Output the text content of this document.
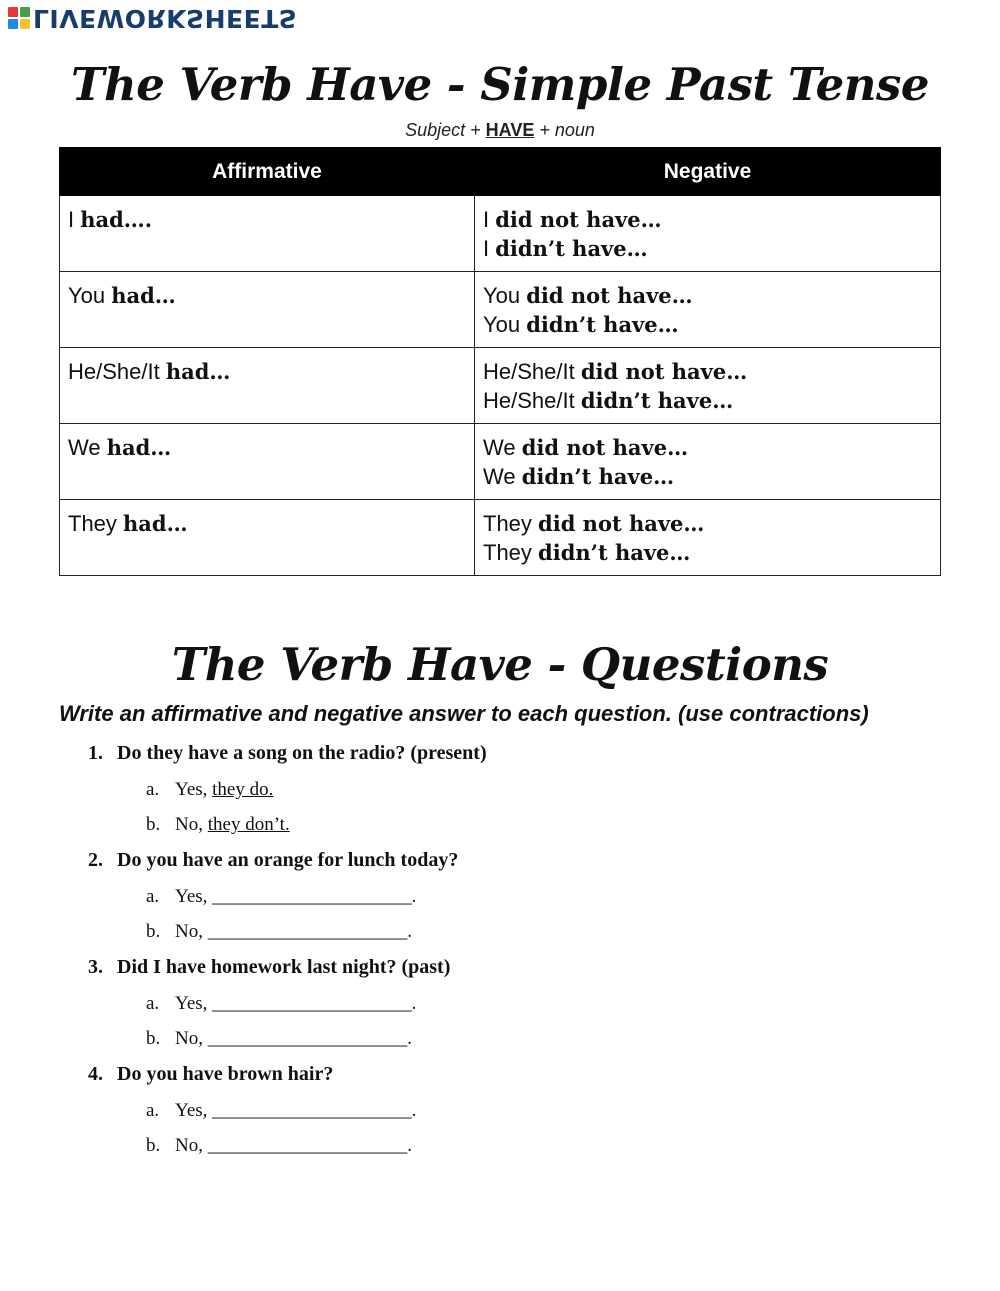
LIVEWORKSHEETS
The Verb Have - Simple Past Tense
Subject + HAVE + noun
Affirmative	Negative
I had….	I did not have…
I didn’t have…

You had…	You did not have…
You didn’t have…

He/She/It had…	He/She/It did not have…
He/She/It didn’t have…

We had…	We did not have…
We didn’t have…

They had…	They did not have…
They didn’t have…
The Verb Have - Questions
Write an affirmative and negative answer to each question. (use contractions)
1. Do they have a song on the radio? (present)
a. Yes, they do.
b. No, they don’t.
2. Do you have an orange for lunch today?
a. Yes, _____________________.
b. No, _____________________.
3. Did I have homework last night? (past)
a. Yes, _____________________.
b. No, _____________________.
4. Do you have brown hair?
a. Yes, _____________________.
b. No, _____________________.
